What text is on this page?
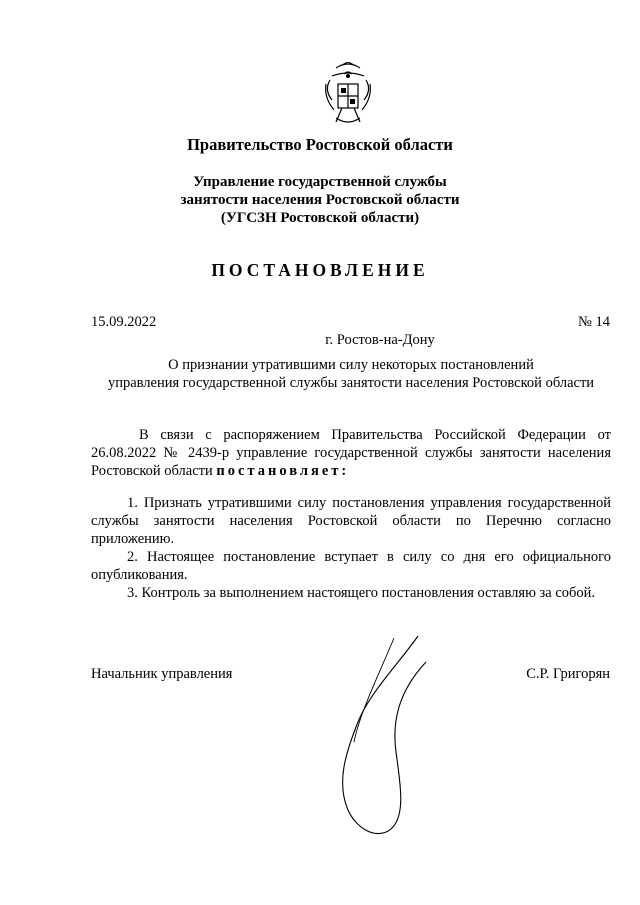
Правительство Ростовской области
Управление государственной службы
занятости населения Ростовской области
(УГСЗН Ростовской области)
ПОСТАНОВЛЕНИЕ
15.09.2022	№ 14
г. Ростов-на-Дону
О признании утратившими силу некоторых постановлений
управления государственной службы занятости населения Ростовской области
В связи с распоряжением Правительства Российской Федерации от 26.08.2022 № 2439-р управление государственной службы занятости населения Ростовской области постановляет:

1. Признать утратившими силу постановления управления государственной службы занятости населения Ростовской области по Перечню согласно приложению.

2. Настоящее постановление вступает в силу со дня его официального опубликования.

3. Контроль за выполнением настоящего постановления оставляю за собой.

Начальник управления	С.Р. Григорян
